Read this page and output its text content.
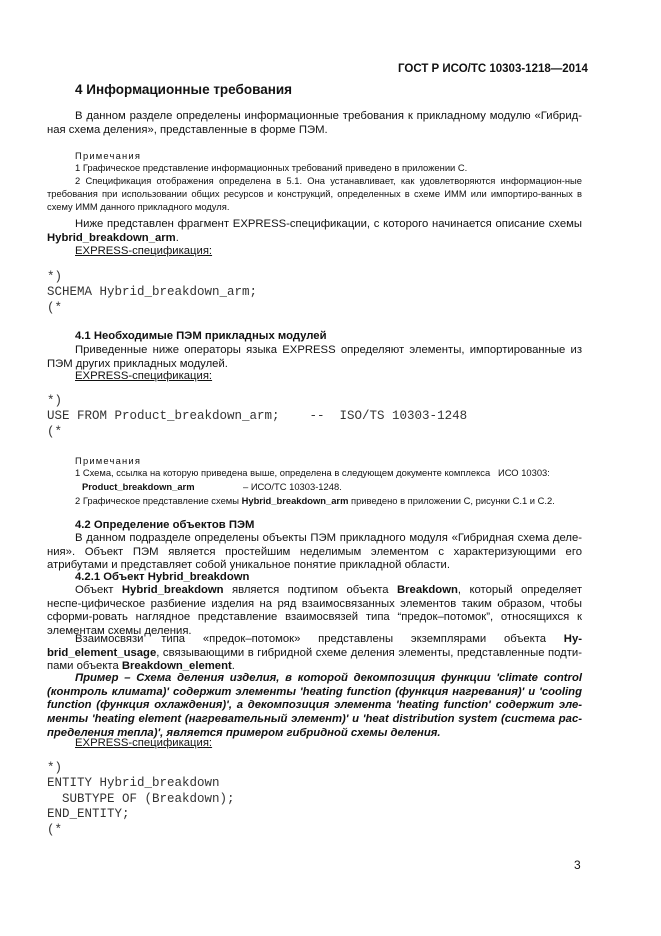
ГОСТ Р ИСО/ТС 10303-1218—2014
4 Информационные требования
В данном разделе определены информационные требования к прикладному модулю «Гибрид-ная схема деления», представленные в форме ПЭМ.
Примечания
1 Графическое представление информационных требований приведено в приложении С.
2 Спецификация отображения определена в 5.1. Она устанавливает, как удовлетворяются информацион-ные требования при использовании общих ресурсов и конструкций, определенных в схеме ИММ или импортиро-ванных в схему ИММ данного прикладного модуля.
Ниже представлен фрагмент EXPRESS-спецификации, с которого начинается описание схемы Hybrid_breakdown_arm.
EXPRESS-спецификация:
*)
SCHEMA Hybrid_breakdown_arm;
(*
4.1 Необходимые ПЭМ прикладных модулей
Приведенные ниже операторы языка EXPRESS определяют элементы, импортированные из ПЭМ других прикладных модулей.
EXPRESS-спецификация:
*)
USE FROM Product_breakdown_arm;    --  ISO/TS 10303-1248
(*
Примечания
1 Схема, ссылка на которую приведена выше, определена в следующем документе комплекса   ИСО 10303:
Product_breakdown_arm	– ИСО/ТС 10303-1248.
2 Графическое представление схемы Hybrid_breakdown_arm приведено в приложении С, рисунки С.1 и С.2.
4.2 Определение объектов ПЭМ
В данном подразделе определены объекты ПЭМ прикладного модуля «Гибридная схема деле-ния». Объект ПЭМ является простейшим неделимым элементом с характеризующими его атрибутами и представляет собой уникальное понятие прикладной области.
4.2.1 Объект Hybrid_breakdown
Объект Hybrid_breakdown является подтипом объекта Breakdown, который определяет неспе-цифическое разбиение изделия на ряд взаимосвязанных элементов таким образом, чтобы сформи-ровать наглядное представление взаимосвязей типа “предок–потомок”, относящихся к элементам схемы деления.
Взаимосвязи типа «предок–потомок» представлены экземплярами объекта Hy-brid_element_usage, связывающими в гибридной схеме деления элементы, представленные подти-пами объекта Breakdown_element.
Пример – Схема деления изделия, в которой декомпозиция функции 'climate control (контроль климата)' содержит элементы 'heating function (функция нагревания)' и 'cooling function (функция охлаждения)', а декомпозиция элемента 'heating function' содержит эле-менты 'heating element (нагревательный элемент)' и 'heat distribution system (система рас-пределения тепла)', является примером гибридной схемы деления.
EXPRESS-спецификация:
*)
ENTITY Hybrid_breakdown
SUBTYPE OF (Breakdown);
END_ENTITY;
(*
3
